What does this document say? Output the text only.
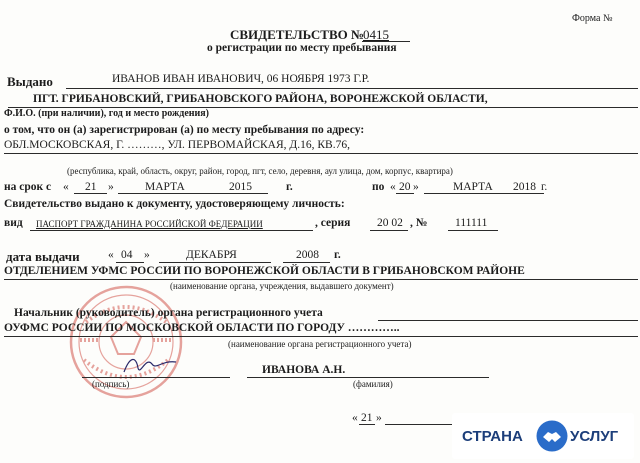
Форма №
СВИДЕТЕЛЬСТВО №
0415
о регистрации по месту пребывания
Выдано	ИВАНОВ ИВАН ИВАНОВИЧ, 06 НОЯБРЯ 1973 Г.Р.
ПГТ. ГРИБАНОВСКИЙ, ГРИБАНОВСКОГО РАЙОНА, ВОРОНЕЖСКОЙ ОБЛАСТИ,
Ф.И.О. (при наличии), год и место рождения)
о том, что он (а) зарегистрирован (а) по месту пребывания по адресу:
ОБЛ.МОСКОВСКАЯ, Г. ………, УЛ. ПЕРВОМАЙСКАЯ, Д.16, КВ.76,
(республика, край, область, округ, район, город, пгт, село, деревня, аул улица, дом, корпус, квартира)
на срок с « 21 »	МАРТА	2015	г.	по « 20 »	МАРТА 2018 г.
Свидетельство выдано к документу, удостоверяющему личность:
вид ПАСПОРТ ГРАЖДАНИНА РОССИЙСКОЙ ФЕДЕРАЦИИ	, серия 20 02 , № 111111
дата выдачи « 04 »	ДЕКАБРЯ	2008 г.
ОТДЕЛЕНИЕМ УФМС РОССИИ ПО ВОРОНЕЖСКОЙ ОБЛАСТИ В ГРИБАНОВСКОМ РАЙОНЕ
(наименование органа, учреждения, выдавшего документ)
Начальник (руководитель) органа регистрационного учета
ОУФМС РОССИИ ПО МОСКОВСКОЙ ОБЛАСТИ ПО ГОРОДУ …………..
(наименование органа регистрационного учета)
ИВАНОВА А.Н.
(подпись)	(фамилия)
« 21 »
СТРАНА	УСЛУГ
